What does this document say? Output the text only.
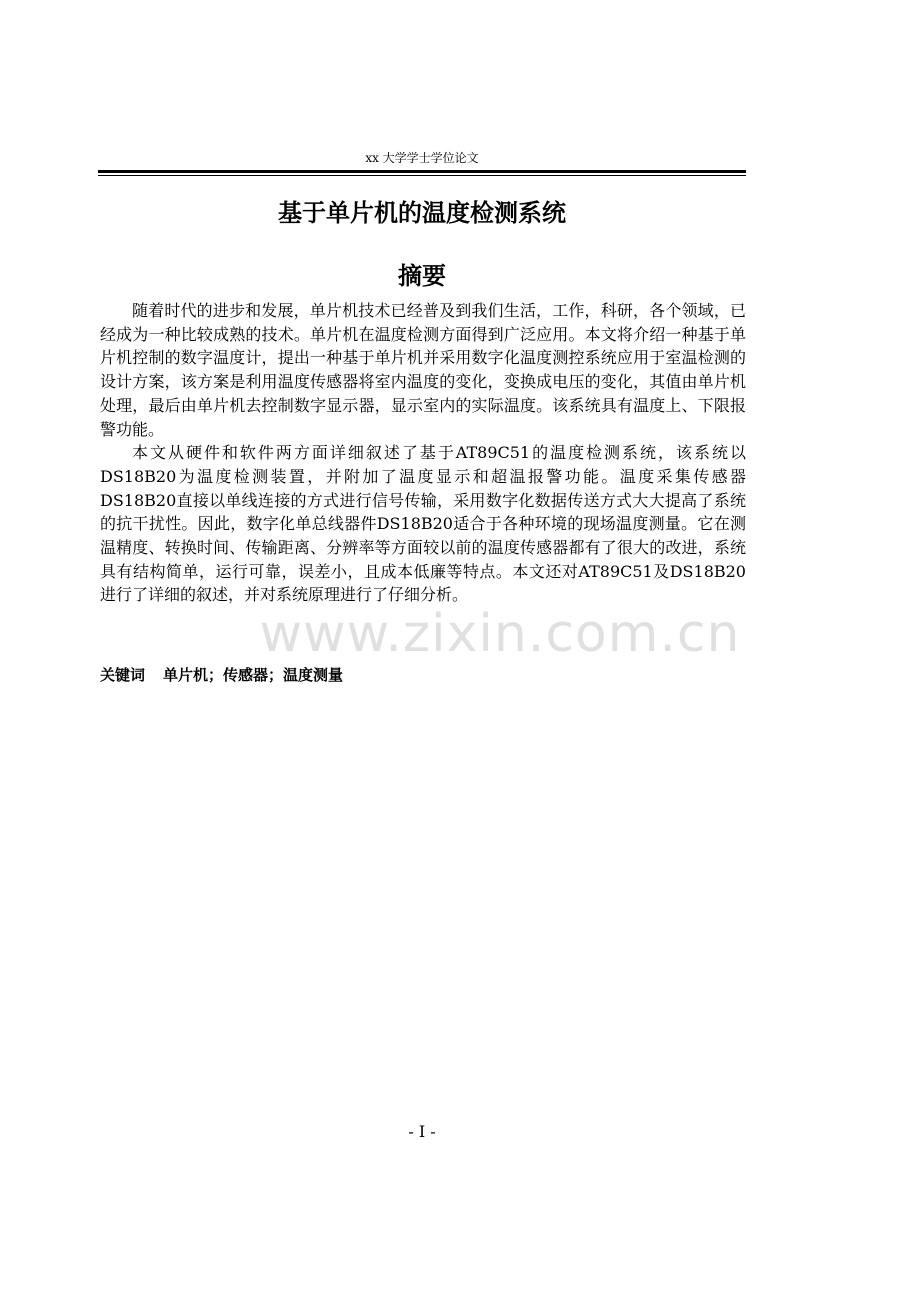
xx 大学学士学位论文
基于单片机的温度检测系统
摘要

随着时代的进步和发展，单片机技术已经普及到我们生活，工作，科研，各个领域，已经成为一种比较成熟的技术。单片机在温度检测方面得到广泛应用。本文将介绍一种基于单片机控制的数字温度计，提出一种基于单片机并采用数字化温度测控系统应用于室温检测的设计方案，该方案是利用温度传感器将室内温度的变化，变换成电压的变化，其值由单片机处理，最后由单片机去控制数字显示器，显示室内的实际温度。该系统具有温度上、下限报警功能。

本文从硬件和软件两方面详细叙述了基于AT89C51的温度检测系统，该系统以DS18B20为温度检测装置，并附加了温度显示和超温报警功能。温度采集传感器DS18B20直接以单线连接的方式进行信号传输，采用数字化数据传送方式大大提高了系统的抗干扰性。因此，数字化单总线器件DS18B20适合于各种环境的现场温度测量。它在测温精度、转换时间、传输距离、分辨率等方面较以前的温度传感器都有了很大的改进，系统具有结构简单，运行可靠，误差小，且成本低廉等特点。本文还对AT89C51及DS18B20进行了详细的叙述，并对系统原理进行了仔细分析。

www.zixin.com.cn
关键词 单片机；传感器；温度测量
- I -
